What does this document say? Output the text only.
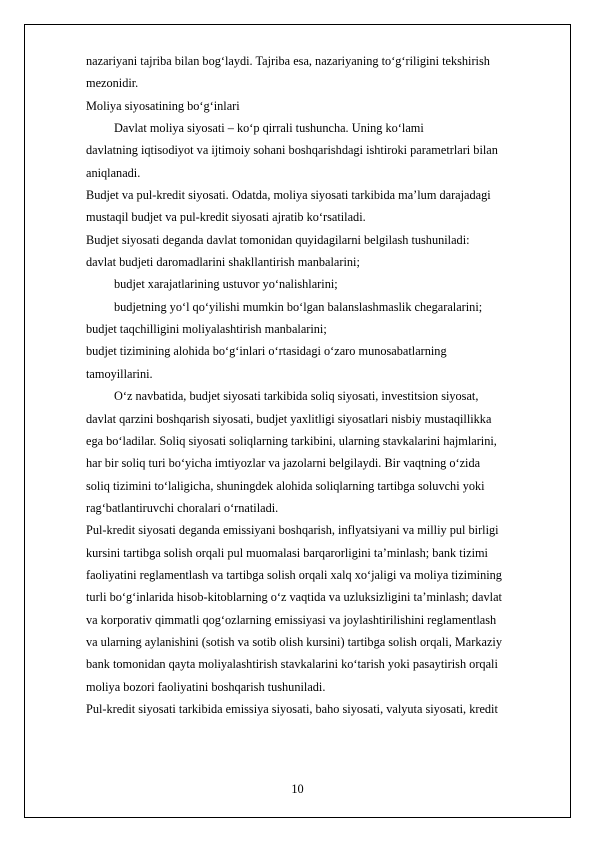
nazariyani tajriba bilan bog‘laydi. Tajriba esa, nazariyaning to‘g‘riligini tekshirish
mezonidir.
Moliya siyosatining bo‘g‘inlari
Davlat moliya siyosati – ko‘p qirrali tushuncha. Uning ko‘lami
davlatning iqtisodiyot va ijtimoiy sohani boshqarishdagi ishtiroki parametrlari bilan
aniqlanadi.
Budjet va pul-kredit siyosati. Odatda, moliya siyosati tarkibida ma’lum darajadagi
mustaqil budjet va pul-kredit siyosati ajratib ko‘rsatiladi.
Budjet siyosati deganda davlat tomonidan quyidagilarni belgilash tushuniladi:
davlat budjeti daromadlarini shakllantirish manbalarini;
budjet xarajatlarining ustuvor yo‘nalishlarini;
budjetning yo‘l qo‘yilishi mumkin bo‘lgan balanslashmaslik chegaralarini;
budjet taqchilligini moliyalashtirish manbalarini;
budjet tizimining alohida bo‘g‘inlari o‘rtasidagi o‘zaro munosabatlarning
tamoyillarini.
O‘z navbatida, budjet siyosati tarkibida soliq siyosati, investitsion siyosat,
davlat qarzini boshqarish siyosati, budjet yaxlitligi siyosatlari nisbiy mustaqillikka
ega bo‘ladilar. Soliq siyosati soliqlarning tarkibini, ularning stavkalarini hajmlarini,
har bir soliq turi bo‘yicha imtiyozlar va jazolarni belgilaydi. Bir vaqtning o‘zida
soliq tizimini to‘laligicha, shuningdek alohida soliqlarning tartibga soluvchi yoki
rag‘batlantiruvchi choralari o‘rnatiladi.
Pul-kredit siyosati deganda emissiyani boshqarish, inflyatsiyani va milliy pul birligi
kursini tartibga solish orqali pul muomalasi barqarorligini ta’minlash; bank tizimi
faoliyatini reglamentlash va tartibga solish orqali xalq xo‘jaligi va moliya tizimining
turli bo‘g‘inlarida hisob-kitoblarning o‘z vaqtida va uzluksizligini ta’minlash; davlat
va korporativ qimmatli qog‘ozlarning emissiyasi va joylashtirilishini reglamentlash
va ularning aylanishini (sotish va sotib olish kursini) tartibga solish orqali, Markaziy
bank tomonidan qayta moliyalashtirish stavkalarini ko‘tarish yoki pasaytirish orqali
moliya bozori faoliyatini boshqarish tushuniladi.
Pul-kredit siyosati tarkibida emissiya siyosati, baho siyosati, valyuta siyosati, kredit
10
